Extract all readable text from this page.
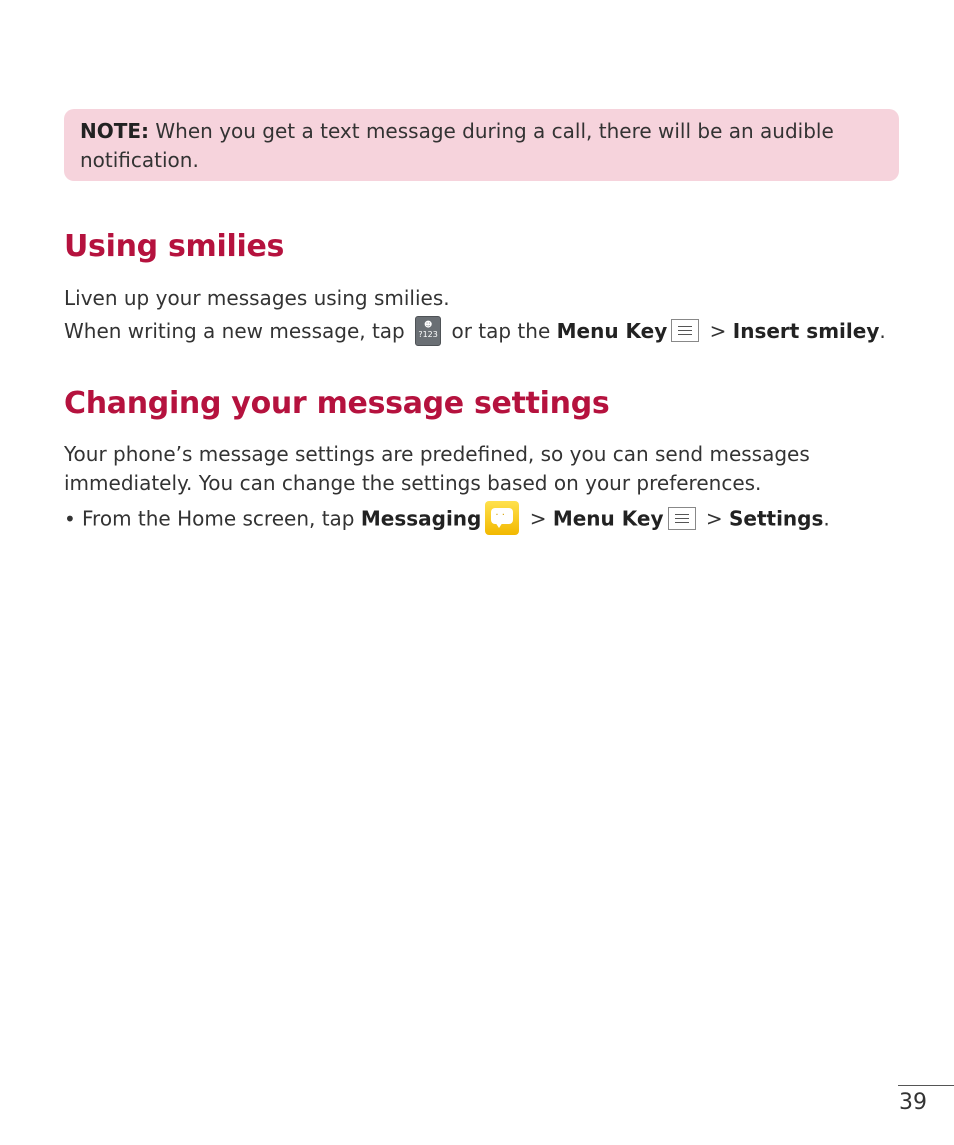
NOTE: When you get a text message during a call, there will be an audible notification.
Using smilies

Liven up your messages using smilies.

When writing a new message, tap ☻
?123 or tap the Menu Key
> Insert smiley.

Changing your message settings

Your phone’s message settings are predefined, so you can send messages immediately. You can change the settings based on your preferences.

• From the Home screen, tap Messaging · · > Menu Key
> Settings.

39
